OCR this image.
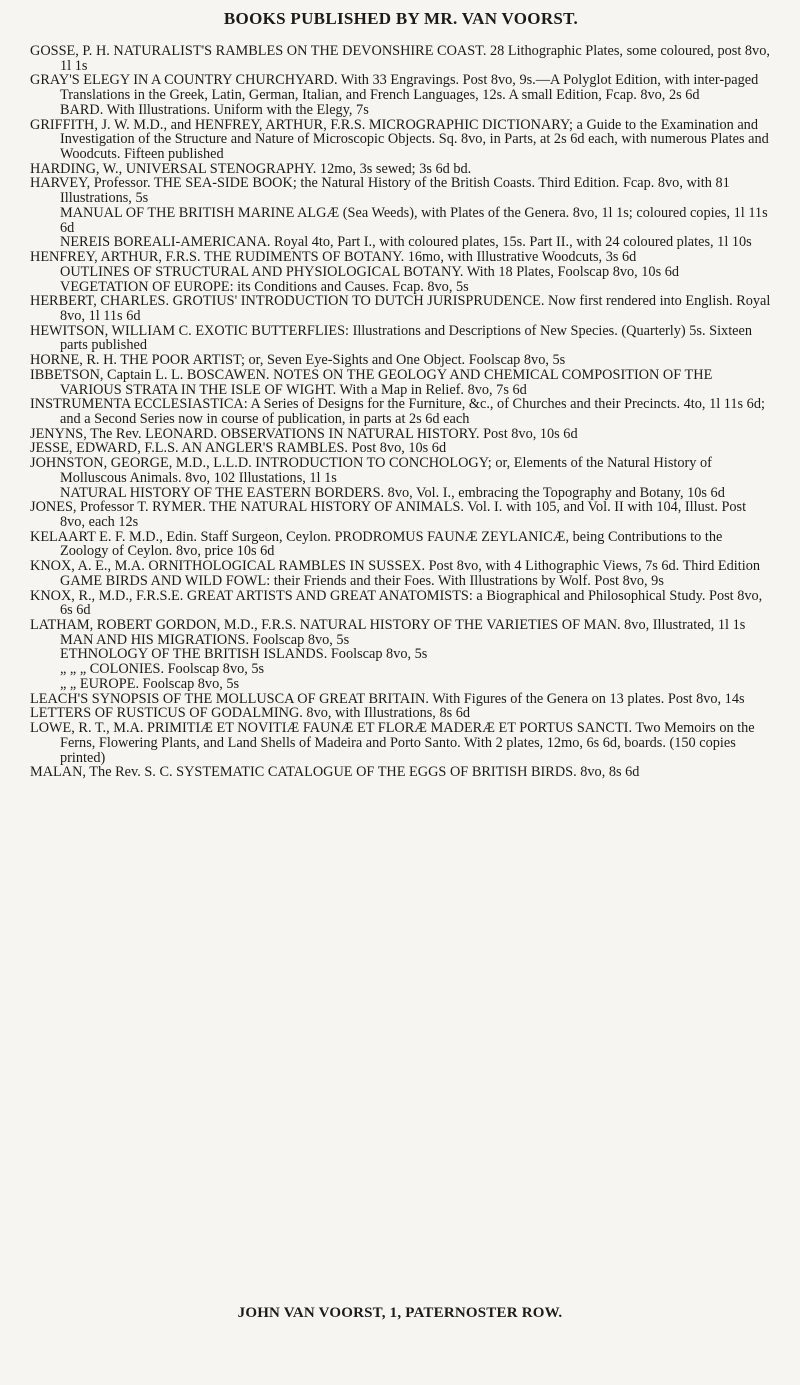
BOOKS PUBLISHED BY MR. VAN VOORST.
GOSSE, P. H. NATURALIST'S RAMBLES ON THE DEVONSHIRE COAST. 28 Lithographic Plates, some coloured, post 8vo, 1l 1s
GRAY'S ELEGY IN A COUNTRY CHURCHYARD. With 33 Engravings. Post 8vo, 9s.—A Polyglot Edition, with inter-paged Translations in the Greek, Latin, German, Italian, and French Languages, 12s. A small Edition, Fcap. 8vo, 2s 6d
BARD. With Illustrations. Uniform with the Elegy, 7s
GRIFFITH, J. W. M.D., and HENFREY, ARTHUR, F.R.S. MICROGRAPHIC DICTIONARY; a Guide to the Examination and Investigation of the Structure and Nature of Microscopic Objects. Sq. 8vo, in Parts, at 2s 6d each, with numerous Plates and Woodcuts. Fifteen published
HARDING, W., UNIVERSAL STENOGRAPHY. 12mo, 3s sewed; 3s 6d bd.
HARVEY, Professor. THE SEA-SIDE BOOK; the Natural History of the British Coasts. Third Edition. Fcap. 8vo, with 81 Illustrations, 5s
MANUAL OF THE BRITISH MARINE ALGÆ (Sea Weeds), with Plates of the Genera. 8vo, 1l 1s; coloured copies, 1l 11s 6d
NEREIS BOREALI-AMERICANA. Royal 4to, Part I., with coloured plates, 15s. Part II., with 24 coloured plates, 1l 10s
HENFREY, ARTHUR, F.R.S. THE RUDIMENTS OF BOTANY. 16mo, with Illustrative Woodcuts, 3s 6d
OUTLINES OF STRUCTURAL AND PHYSIOLOGICAL BOTANY. With 18 Plates, Foolscap 8vo, 10s 6d
VEGETATION OF EUROPE: its Conditions and Causes. Fcap. 8vo, 5s
HERBERT, CHARLES. GROTIUS' INTRODUCTION TO DUTCH JURISPRUDENCE. Now first rendered into English. Royal 8vo, 1l 11s 6d
HEWITSON, WILLIAM C. EXOTIC BUTTERFLIES: Illustrations and Descriptions of New Species. (Quarterly) 5s. Sixteen parts published
HORNE, R. H. THE POOR ARTIST; or, Seven Eye-Sights and One Object. Foolscap 8vo, 5s
IBBETSON, Captain L. L. BOSCAWEN. NOTES ON THE GEOLOGY AND CHEMICAL COMPOSITION OF THE VARIOUS STRATA IN THE ISLE OF WIGHT. With a Map in Relief. 8vo, 7s 6d
INSTRUMENTA ECCLESIASTICA: A Series of Designs for the Furniture, &c., of Churches and their Precincts. 4to, 1l 11s 6d; and a Second Series now in course of publication, in parts at 2s 6d each
JENYNS, The Rev. LEONARD. OBSERVATIONS IN NATURAL HISTORY. Post 8vo, 10s 6d
JESSE, EDWARD, F.L.S. AN ANGLER'S RAMBLES. Post 8vo, 10s 6d
JOHNSTON, GEORGE, M.D., L.L.D. INTRODUCTION TO CONCHOLOGY; or, Elements of the Natural History of Molluscous Animals. 8vo, 102 Illustations, 1l 1s
NATURAL HISTORY OF THE EASTERN BORDERS. 8vo, Vol. I., embracing the Topography and Botany, 10s 6d
JONES, Professor T. RYMER. THE NATURAL HISTORY OF ANIMALS. Vol. I. with 105, and Vol. II with 104, Illust. Post 8vo, each 12s
KELAART E. F. M.D., Edin. Staff Surgeon, Ceylon. PRODROMUS FAUNÆ ZEYLANICÆ, being Contributions to the Zoology of Ceylon. 8vo, price 10s 6d
KNOX, A. E., M.A. ORNITHOLOGICAL RAMBLES IN SUSSEX. Post 8vo, with 4 Lithographic Views, 7s 6d. Third Edition
GAME BIRDS AND WILD FOWL: their Friends and their Foes. With Illustrations by Wolf. Post 8vo, 9s
KNOX, R., M.D., F.R.S.E. GREAT ARTISTS AND GREAT ANATOMISTS: a Biographical and Philosophical Study. Post 8vo, 6s 6d
LATHAM, ROBERT GORDON, M.D., F.R.S. NATURAL HISTORY OF THE VARIETIES OF MAN. 8vo, Illustrated, 1l 1s
MAN AND HIS MIGRATIONS. Foolscap 8vo, 5s
ETHNOLOGY OF THE BRITISH ISLANDS. Foolscap 8vo, 5s
„ „ „ COLONIES. Foolscap 8vo, 5s
„ „ EUROPE. Foolscap 8vo, 5s
LEACH'S SYNOPSIS OF THE MOLLUSCA OF GREAT BRITAIN. With Figures of the Genera on 13 plates. Post 8vo, 14s
LETTERS OF RUSTICUS OF GODALMING. 8vo, with Illustrations, 8s 6d
LOWE, R. T., M.A. PRIMITIÆ ET NOVITIÆ FAUNÆ ET FLORÆ MADERÆ ET PORTUS SANCTI. Two Memoirs on the Ferns, Flowering Plants, and Land Shells of Madeira and Porto Santo. With 2 plates, 12mo, 6s 6d, boards. (150 copies printed)
MALAN, The Rev. S. C. SYSTEMATIC CATALOGUE OF THE EGGS OF BRITISH BIRDS. 8vo, 8s 6d
JOHN VAN VOORST, 1, PATERNOSTER ROW.
